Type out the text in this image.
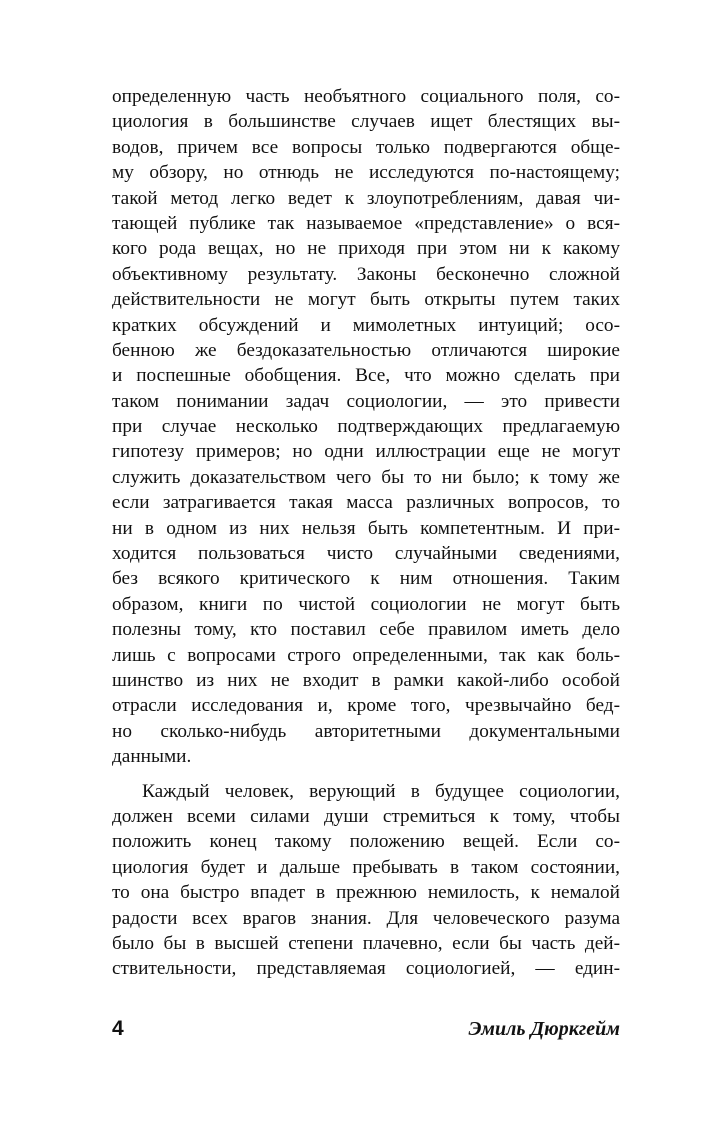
определенную часть необъятного социального поля, со-
циология в большинстве случаев ищет блестящих вы-
водов, причем все вопросы только подвергаются обще-
му обзору, но отнюдь не исследуются по-настоящему;
такой метод легко ведет к злоупотреблениям, давая чи-
тающей публике так называемое «представление» о вся-
кого рода вещах, но не приходя при этом ни к какому
объективному результату. Законы бесконечно сложной
действительности не могут быть открыты путем таких
кратких обсуждений и мимолетных интуиций; осо-
бенною же бездоказательностью отличаются широкие
и поспешные обобщения. Все, что можно сделать при
таком понимании задач социологии, — это привести
при случае несколько подтверждающих предлагаемую
гипотезу примеров; но одни иллюстрации еще не могут
служить доказательством чего бы то ни было; к тому же
если затрагивается такая масса различных вопросов, то
ни в одном из них нельзя быть компетентным. И при-
ходится пользоваться чисто случайными сведениями,
без всякого критического к ним отношения. Таким
образом, книги по чистой социологии не могут быть
полезны тому, кто поставил себе правилом иметь дело
лишь с вопросами строго определенными, так как боль-
шинство из них не входит в рамки какой-либо особой
отрасли исследования и, кроме того, чрезвычайно бед-
но сколько-нибудь авторитетными документальными
данными.
Каждый человек, верующий в будущее социологии,
должен всеми силами души стремиться к тому, чтобы
положить конец такому положению вещей. Если со-
циология будет и дальше пребывать в таком состоянии,
то она быстро впадет в прежнюю немилость, к немалой
радости всех врагов знания. Для человеческого разума
было бы в высшей степени плачевно, если бы часть дей-
ствительности, представляемая социологией, — един-
4	Эмиль Дюркгейм
